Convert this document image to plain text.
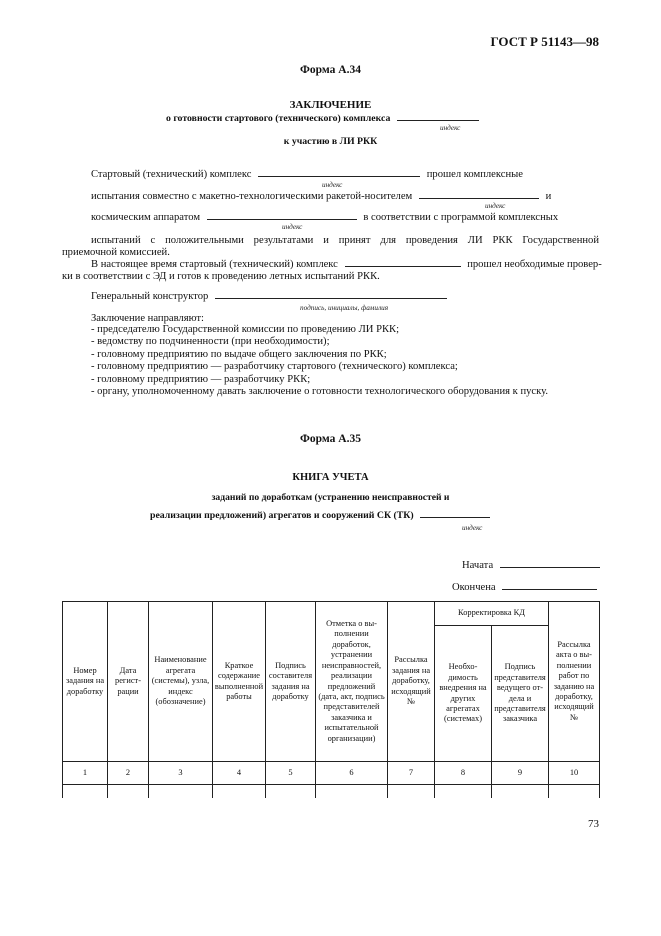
ГОСТ Р 51143—98
Форма А.34
ЗАКЛЮЧЕНИЕ
о готовности стартового (технического) комплекса
индекс
к участию в ЛИ РКК
Стартовый (технический) комплекс	прошел комплексные
индекс
испытания совместно с макетно-технологическими ракетой-носителем	и
индекс
космическим аппаратом	в соответствии с программой комплексных
индекс
испытаний с положительными результатами и принят для проведения ЛИ РКК Государственной
приемочной комиссией.
В настоящее время стартовый (технический) комплекс	прошел необходимые провер-
ки в соответствии с ЭД и готов к проведению летных испытаний РКК.
Генеральный конструктор
подпись, инициалы, фамилия
Заключение направляют:
- председателю Государственной комиссии по проведению ЛИ РКК;
- ведомству по подчиненности (при необходимости);
- головному предприятию по выдаче общего заключения по РКК;
- головному предприятию — разработчику стартового (технического) комплекса;
- головному предприятию — разработчику РКК;
- органу, уполномоченному давать заключение о готовности технологического оборудования к пуску.
Форма А.35
КНИГА УЧЕТА
заданий по доработкам (устранению неисправностей и
реализации предложений) агрегатов и сооружений СК (ТК)
индекс
Начата
Окончена
Номер задания на доработку	Дата регистрации	Наименование агрегата (системы), узла, индекс (обозначение)	Краткое содержание выполненной работы	Подпись составителя задания на доработку	Отметка о выполнении доработок, устранении неисправностей, реализации предложений (дата, акт, подпись представителей заказчика и испытательной организации)	Рассылка задания на доработку, исходящий №	Корректировка КД		Рассылка акта о выполнении работ по заданию на доработку, исходящий №
							Необходимость внедрения на других агрегатах (системах)	Подпись представителя ведущего отдела и представителя заказчика	
1	2	3	4	5	6	7	8	9	10

73
